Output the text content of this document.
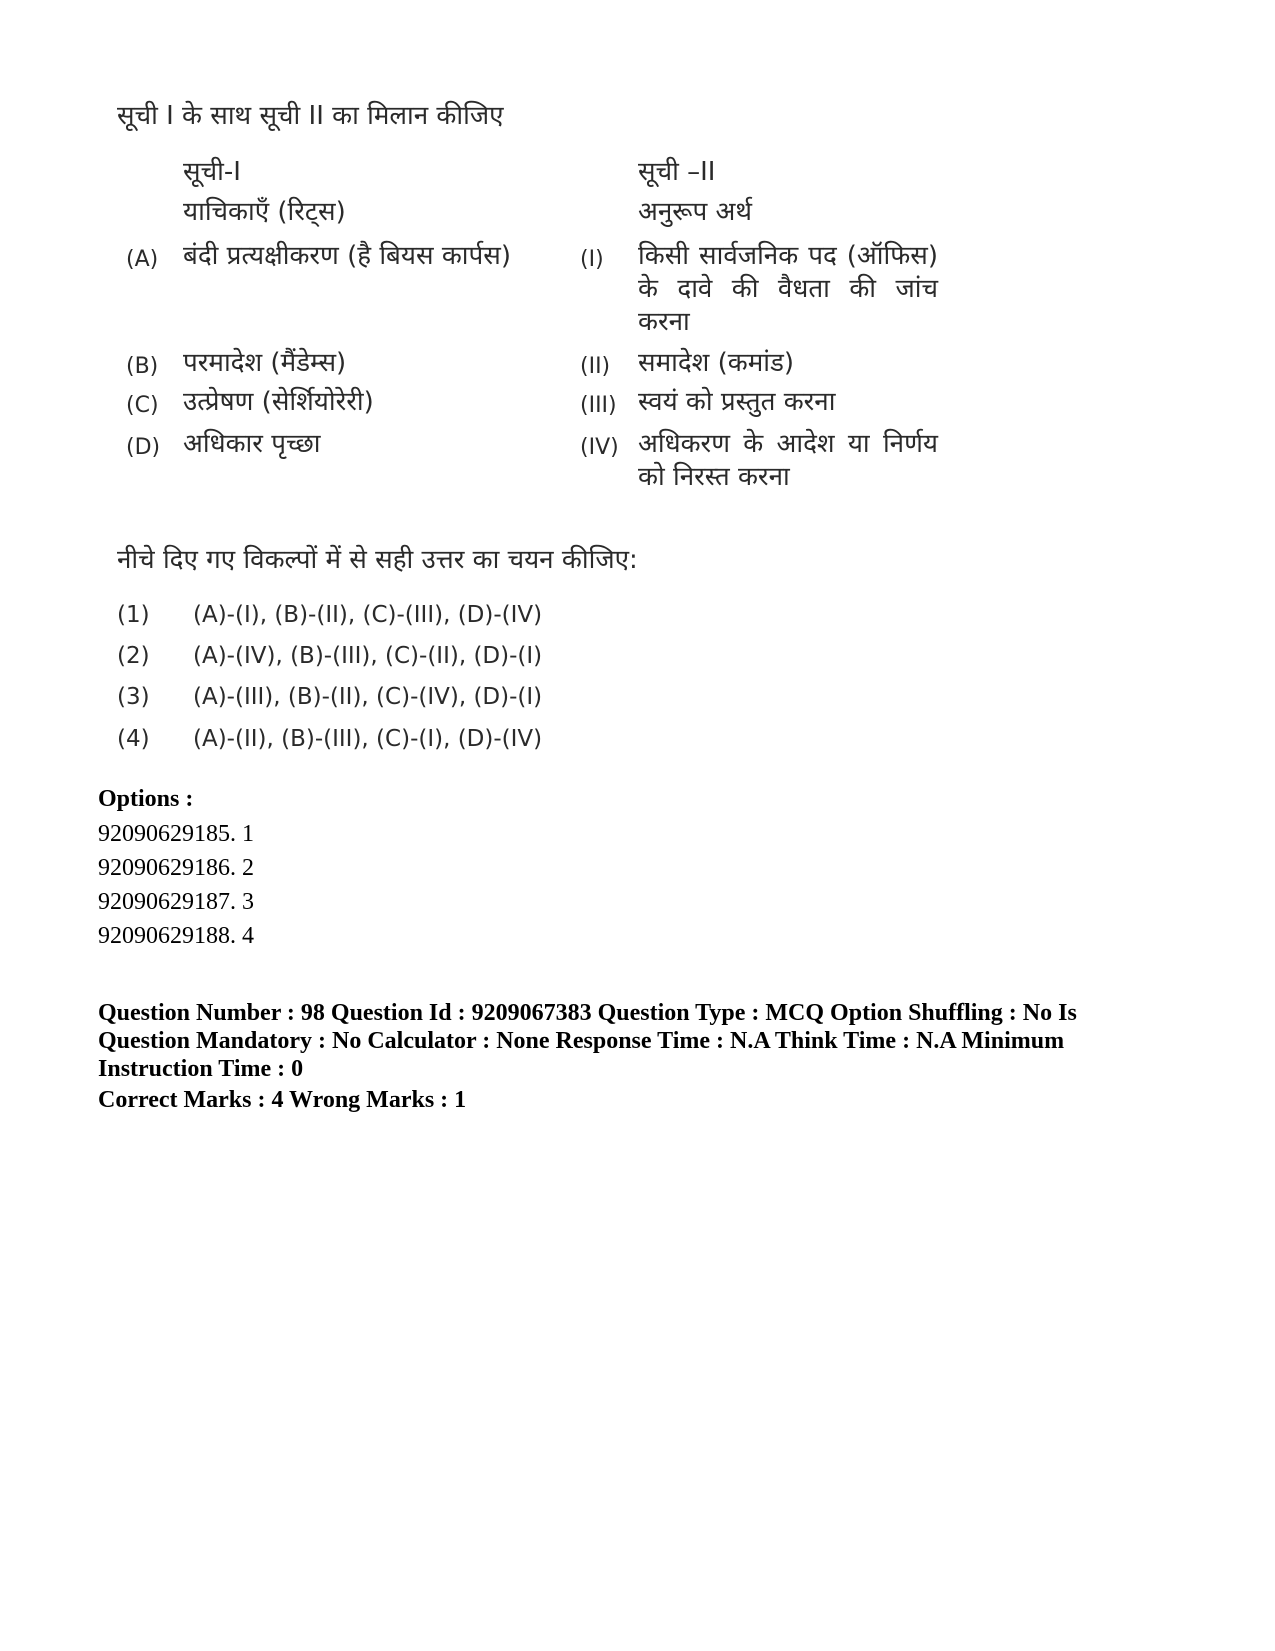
सूची I के साथ सूची II का मिलान कीजिए
सूची-I
याचिकाएँ (रिट्स)
(A) बंदी प्रत्यक्षीकरण (है बियस कार्पस)
(B) परमादेश (मैंडेम्स)
(C) उत्प्रेषण (सेर्शियोरेरी)
(D) अधिकार पृच्छा
सूची –II
अनुरूप अर्थ
(I) किसी सार्वजनिक पद (ऑफिस) के दावे की वैधता की जांच करना
(II) समादेश (कमांड)
(III) स्वयं को प्रस्तुत करना
(IV) अधिकरण के आदेश या निर्णय को निरस्त करना
नीचे दिए गए विकल्पों में से सही उत्तर का चयन कीजिए:
(1) (A)-(I), (B)-(II), (C)-(III), (D)-(IV)
(2) (A)-(IV), (B)-(III), (C)-(II), (D)-(I)
(3) (A)-(III), (B)-(II), (C)-(IV), (D)-(I)
(4) (A)-(II), (B)-(III), (C)-(I), (D)-(IV)
Options :
92090629185. 1
92090629186. 2
92090629187. 3
92090629188. 4
Question Number : 98 Question Id : 9209067383 Question Type : MCQ Option Shuffling : No Is Question Mandatory : No Calculator : None Response Time : N.A Think Time : N.A Minimum Instruction Time : 0
Correct Marks : 4 Wrong Marks : 1
